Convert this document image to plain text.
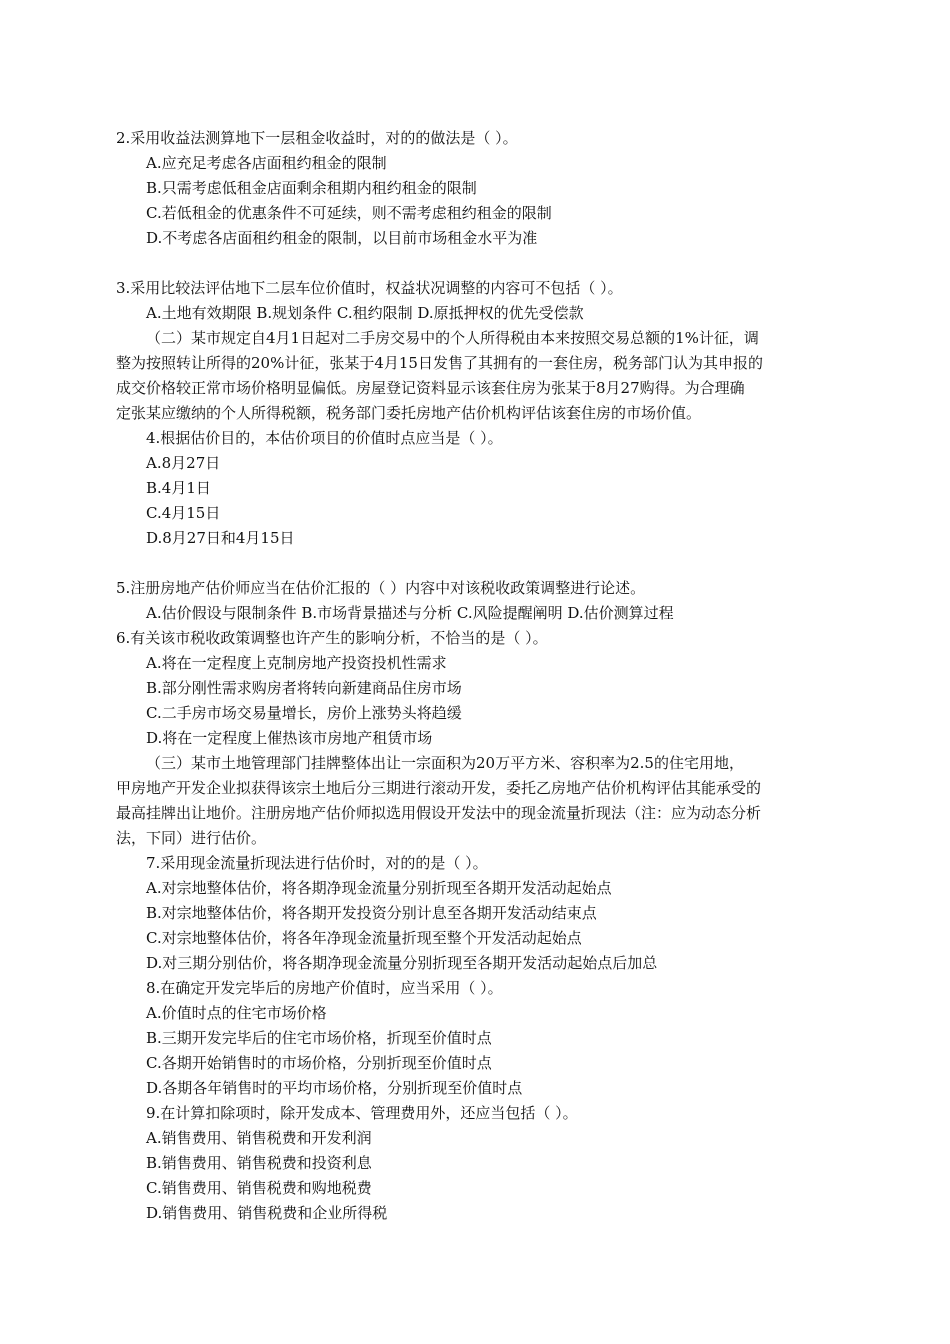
2.采用收益法测算地下一层租金收益时，对的的做法是（ ）。
A.应充足考虑各店面租约租金的限制
B.只需考虑低租金店面剩余租期内租约租金的限制
C.若低租金的优惠条件不可延续，则不需考虑租约租金的限制
D.不考虑各店面租约租金的限制，以目前市场租金水平为准
3.采用比较法评估地下二层车位价值时，权益状况调整的内容可不包括（ ）。
A.土地有效期限 B.规划条件 C.租约限制 D.原抵押权的优先受偿款
（二）某市规定自4月1日起对二手房交易中的个人所得税由本来按照交易总额的1%计征，调
整为按照转让所得的20%计征，张某于4月15日发售了其拥有的一套住房，税务部门认为其申报的
成交价格较正常市场价格明显偏低。房屋登记资料显示该套住房为张某于8月27购得。为合理确
定张某应缴纳的个人所得税额，税务部门委托房地产估价机构评估该套住房的市场价值。
4.根据估价目的，本估价项目的价值时点应当是（ ）。
A.8月27日
B.4月1日
C.4月15日
D.8月27日和4月15日
5.注册房地产估价师应当在估价汇报的（ ）内容中对该税收政策调整进行论述。
A.估价假设与限制条件 B.市场背景描述与分析 C.风险提醒阐明 D.估价测算过程
6.有关该市税收政策调整也许产生的影响分析，不恰当的是（ ）。
A.将在一定程度上克制房地产投资投机性需求
B.部分刚性需求购房者将转向新建商品住房市场
C.二手房市场交易量增长，房价上涨势头将趋缓
D.将在一定程度上催热该市房地产租赁市场
（三）某市土地管理部门挂牌整体出让一宗面积为20万平方米、容积率为2.5的住宅用地，
甲房地产开发企业拟获得该宗土地后分三期进行滚动开发，委托乙房地产估价机构评估其能承受的
最高挂牌出让地价。注册房地产估价师拟选用假设开发法中的现金流量折现法（注：应为动态分析
法，下同）进行估价。
7.采用现金流量折现法进行估价时，对的的是（ ）。
A.对宗地整体估价，将各期净现金流量分别折现至各期开发活动起始点
B.对宗地整体估价，将各期开发投资分别计息至各期开发活动结束点
C.对宗地整体估价，将各年净现金流量折现至整个开发活动起始点
D.对三期分别估价，将各期净现金流量分别折现至各期开发活动起始点后加总
8.在确定开发完毕后的房地产价值时，应当采用（ ）。
A.价值时点的住宅市场价格
B.三期开发完毕后的住宅市场价格，折现至价值时点
C.各期开始销售时的市场价格，分别折现至价值时点
D.各期各年销售时的平均市场价格，分别折现至价值时点
9.在计算扣除项时，除开发成本、管理费用外，还应当包括（ ）。
A.销售费用、销售税费和开发利润
B.销售费用、销售税费和投资利息
C.销售费用、销售税费和购地税费
D.销售费用、销售税费和企业所得税
